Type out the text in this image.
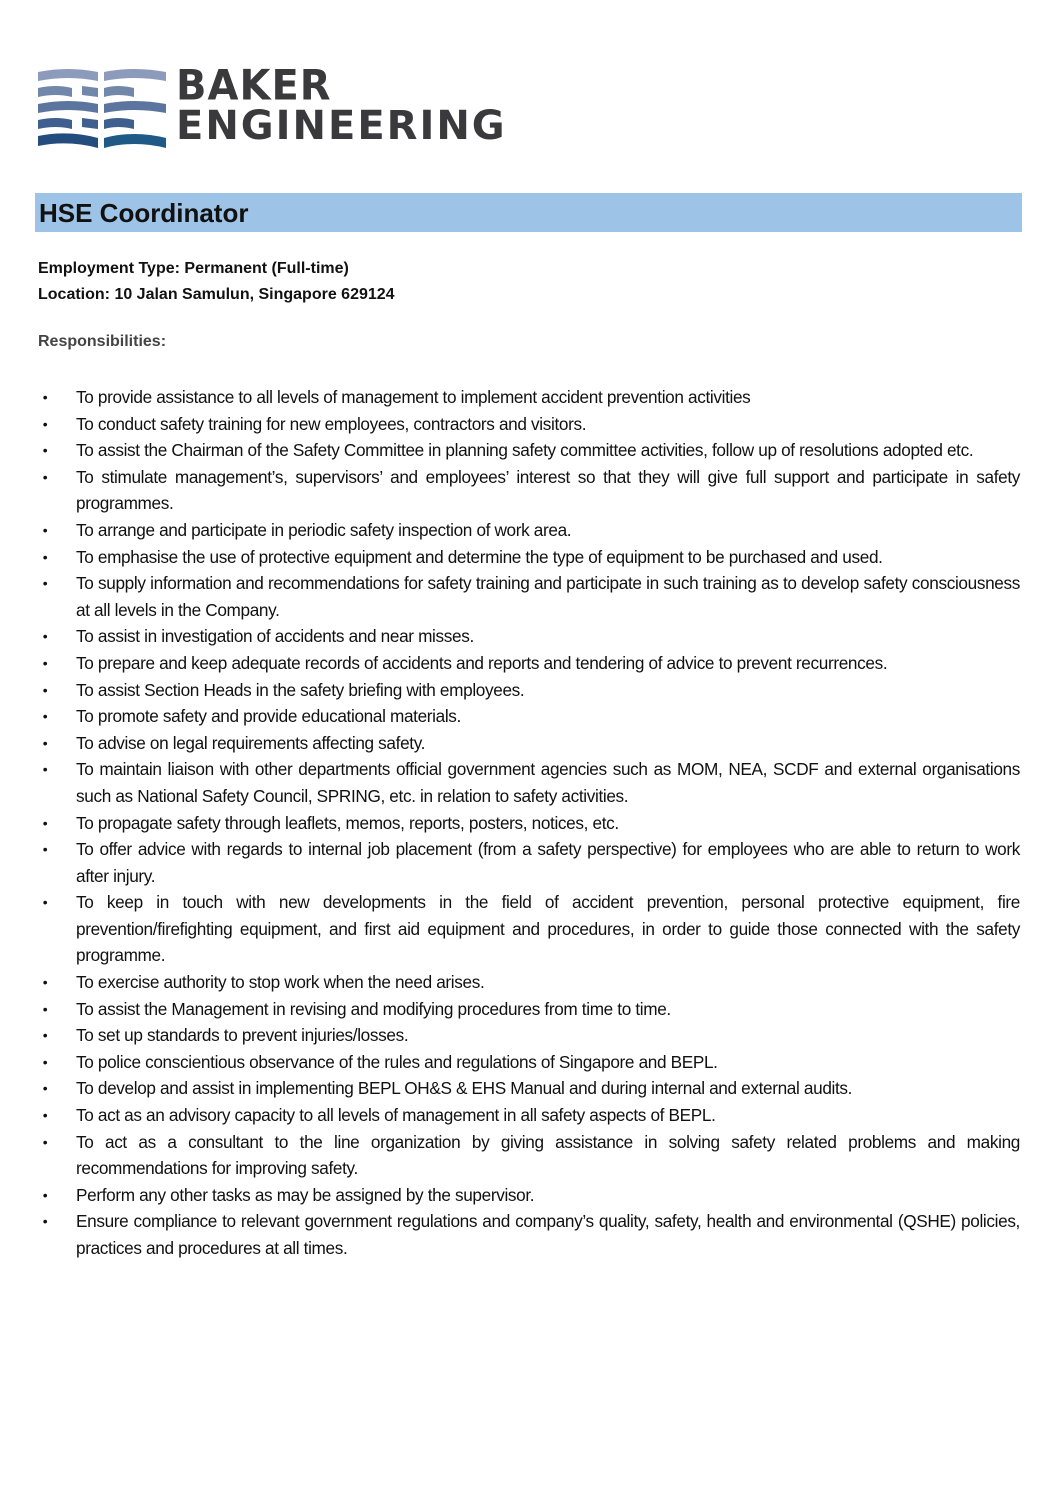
BAKER
ENGINEERING
HSE Coordinator
Employment Type: Permanent (Full-time)
Location: 10 Jalan Samulun, Singapore 629124
Responsibilities:
• To provide assistance to all levels of management to implement accident prevention activities
• To conduct safety training for new employees, contractors and visitors.
• To assist the Chairman of the Safety Committee in planning safety committee activities, follow up of resolutions adopted etc.
• To stimulate management’s, supervisors’ and employees’ interest so that they will give full support and participate in safety programmes.
• To arrange and participate in periodic safety inspection of work area.
• To emphasise the use of protective equipment and determine the type of equipment to be purchased and used.
• To supply information and recommendations for safety training and participate in such training as to develop safety consciousness at all levels in the Company.
• To assist in investigation of accidents and near misses.
• To prepare and keep adequate records of accidents and reports and tendering of advice to prevent recurrences.
• To assist Section Heads in the safety briefing with employees.
• To promote safety and provide educational materials.
• To advise on legal requirements affecting safety.
• To maintain liaison with other departments official government agencies such as MOM, NEA, SCDF and external organisations such as National Safety Council, SPRING, etc. in relation to safety activities.
• To propagate safety through leaflets, memos, reports, posters, notices, etc.
• To offer advice with regards to internal job placement (from a safety perspective) for employees who are able to return to work after injury.
• To keep in touch with new developments in the field of accident prevention, personal protective equipment, fire prevention/firefighting equipment, and first aid equipment and procedures, in order to guide those connected with the safety programme.
• To exercise authority to stop work when the need arises.
• To assist the Management in revising and modifying procedures from time to time.
• To set up standards to prevent injuries/losses.
• To police conscientious observance of the rules and regulations of Singapore and BEPL.
• To develop and assist in implementing BEPL OH&S & EHS Manual and during internal and external audits.
• To act as an advisory capacity to all levels of management in all safety aspects of BEPL.
• To act as a consultant to the line organization by giving assistance in solving safety related problems and making recommendations for improving safety.
• Perform any other tasks as may be assigned by the supervisor.
• Ensure compliance to relevant government regulations and company’s quality, safety, health and environmental (QSHE) policies, practices and procedures at all times.
